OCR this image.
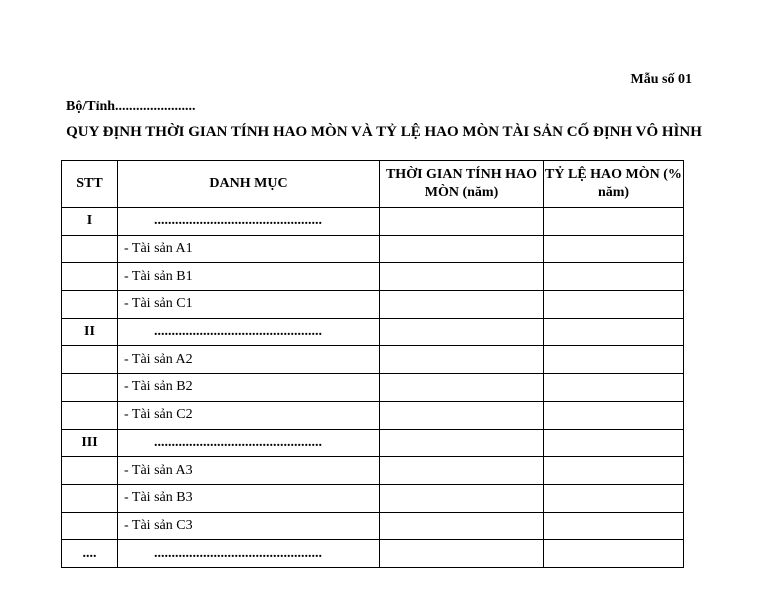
Mẫu số 01
Bộ/Tỉnh.......................
QUY ĐỊNH THỜI GIAN TÍNH HAO MÒN VÀ TỶ LỆ HAO MÒN TÀI SẢN CỐ ĐỊNH VÔ HÌNH
STT	DANH MỤC	THỜI GIAN TÍNH HAO MÒN (năm)	TỶ LỆ HAO MÒN (% năm)
I	................................................		
	- Tài sản A1		
	- Tài sản B1		
	- Tài sản C1		
II	................................................		
	- Tài sản A2		
	- Tài sản B2		
	- Tài sản C2		
III	................................................		
	- Tài sản A3		
	- Tài sản B3		
	- Tài sản C3		
....	................................................		
